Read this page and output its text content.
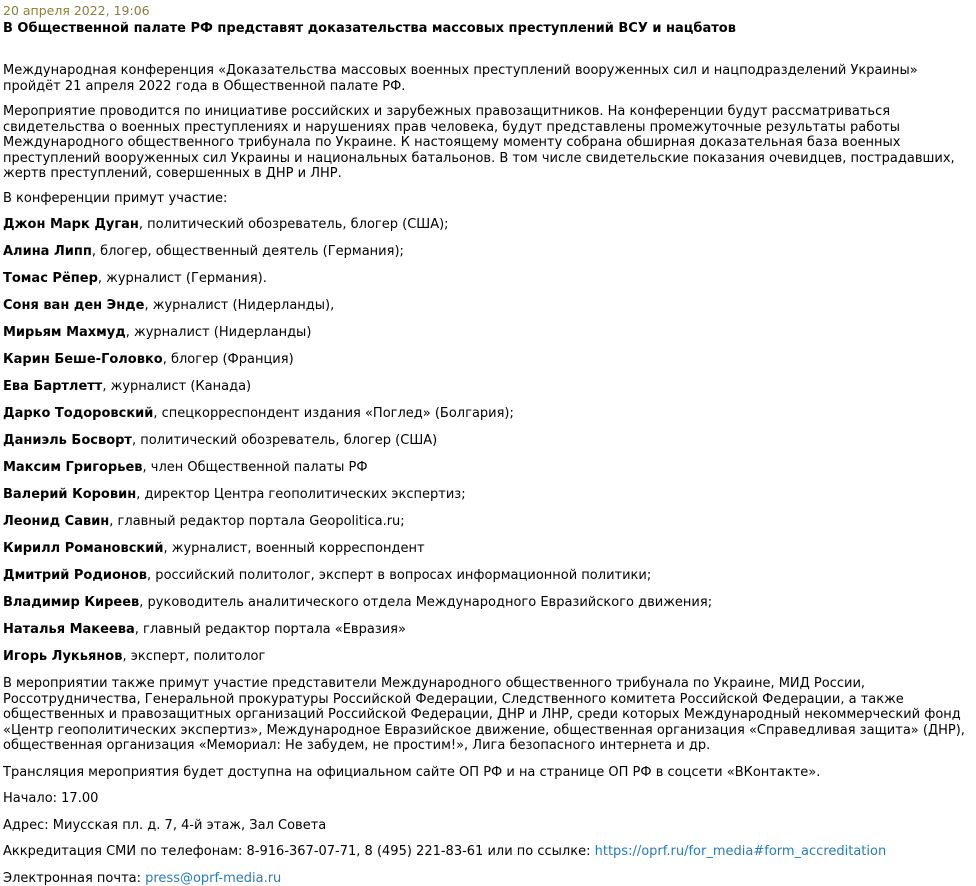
20 апреля 2022, 19:06
В Общественной палате РФ представят доказательства массовых преступлений ВСУ и нацбатов

Международная конференция «Доказательства массовых военных преступлений вооруженных сил и нацподразделений Украины» пройдёт 21 апреля 2022 года в Общественной палате РФ.

Мероприятие проводится по инициативе российских и зарубежных правозащитников. На конференции будут рассматриваться свидетельства о военных преступлениях и нарушениях прав человека, будут представлены промежуточные результаты работы Международного общественного трибунала по Украине. К настоящему моменту собрана обширная доказательная база военных преступлений вооруженных сил Украины и национальных батальонов. В том числе свидетельские показания очевидцев, пострадавших, жертв преступлений, совершенных в ДНР и ЛНР.

В конференции примут участие:

Джон Марк Дуган, политический обозреватель, блогер (США);

Алина Липп, блогер, общественный деятель (Германия);

Томас Рёпер, журналист (Германия).

Соня ван ден Энде, журналист (Нидерланды),

Мирьям Махмуд, журналист (Нидерланды)

Карин Беше-Головко, блогер (Франция)

Ева Бартлетт, журналист (Канада)

Дарко Тодоровский, спецкорреспондент издания «Поглед» (Болгария);

Даниэль Босворт, политический обозреватель, блогер (США)

Максим Григорьев, член Общественной палаты РФ

Валерий Коровин, директор Центра геополитических экспертиз;

Леонид Савин, главный редактор портала Geopolitica.ru;

Кирилл Романовский, журналист, военный корреспондент

Дмитрий Родионов, российский политолог, эксперт в вопросах информационной политики;

Владимир Киреев, руководитель аналитического отдела Международного Евразийского движения;

Наталья Макеева, главный редактор портала «Евразия»

Игорь Лукьянов, эксперт, политолог

В мероприятии также примут участие представители Международного общественного трибунала по Украине, МИД России, Россотрудничества, Генеральной прокуратуры Российской Федерации, Следственного комитета Российской Федерации, а также общественных и правозащитных организаций Российской Федерации, ДНР и ЛНР, среди которых Международный некоммерческий фонд «Центр геополитических экспертиз», Международное Евразийское движение, общественная организация «Справедливая защита» (ДНР), общественная организация «Мемориал: Не забудем, не простим!», Лига безопасного интернета и др.

Трансляция мероприятия будет доступна на официальном сайте ОП РФ и на странице ОП РФ в соцсети «ВКонтакте».

Начало: 17.00

Адрес: Миусская пл. д. 7, 4-й этаж, Зал Совета

Аккредитация СМИ по телефонам: 8-916-367-07-71, 8 (495) 221-83-61 или по ссылке: https://oprf.ru/for_media#form_accreditation

Электронная почта: press@oprf-media.ru
